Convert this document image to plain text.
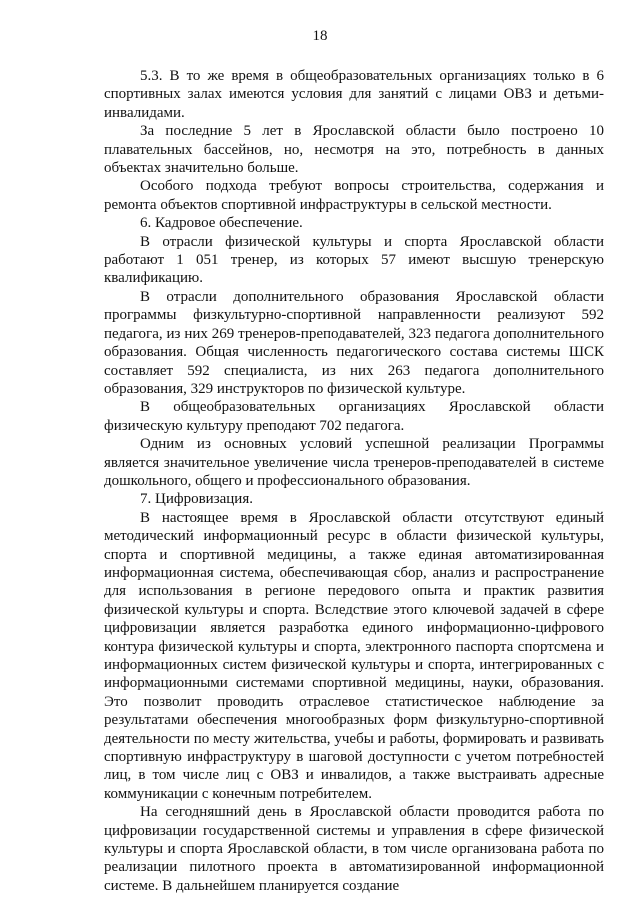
18

5.3. В то же время в общеобразовательных организациях только в 6 спортивных залах имеются условия для занятий с лицами ОВЗ и детьми-инвалидами.

За последние 5 лет в Ярославской области было построено 10 плавательных бассейнов, но, несмотря на это, потребность в данных объектах значительно больше.

Особого подхода требуют вопросы строительства, содержания и ремонта объектов спортивной инфраструктуры в сельской местности.

6. Кадровое обеспечение.

В отрасли физической культуры и спорта Ярославской области работают 1 051 тренер, из которых 57 имеют высшую тренерскую квалификацию.

В отрасли дополнительного образования Ярославской области программы физкультурно-спортивной направленности реализуют 592 педагога, из них 269 тренеров-преподавателей, 323 педагога дополнительного образования. Общая численность педагогического состава системы ШСК составляет 592 специалиста, из них 263 педагога дополнительного образования, 329 инструкторов по физической культуре.

В общеобразовательных организациях Ярославской области физическую культуру преподают 702 педагога.

Одним из основных условий успешной реализации Программы является значительное увеличение числа тренеров-преподавателей в системе дошкольного, общего и профессионального образования.

7. Цифровизация.

В настоящее время в Ярославской области отсутствуют единый методический информационный ресурс в области физической культуры, спорта и спортивной медицины, а также единая автоматизированная информационная система, обеспечивающая сбор, анализ и распространение для использования в регионе передового опыта и практик развития физической культуры и спорта. Вследствие этого ключевой задачей в сфере цифровизации является разработка единого информационно-цифрового контура физической культуры и спорта, электронного паспорта спортсмена и информационных систем физической культуры и спорта, интегрированных с информационными системами спортивной медицины, науки, образования. Это позволит проводить отраслевое статистическое наблюдение за результатами обеспечения многообразных форм физкультурно-спортивной деятельности по месту жительства, учебы и работы, формировать и развивать спортивную инфраструктуру в шаговой доступности с учетом потребностей лиц, в том числе лиц с ОВЗ и инвалидов, а также выстраивать адресные коммуникации с конечным потребителем.

На сегодняшний день в Ярославской области проводится работа по цифровизации государственной системы и управления в сфере физической культуры и спорта Ярославской области, в том числе организована работа по реализации пилотного проекта в автоматизированной информационной системе. В дальнейшем планируется создание
